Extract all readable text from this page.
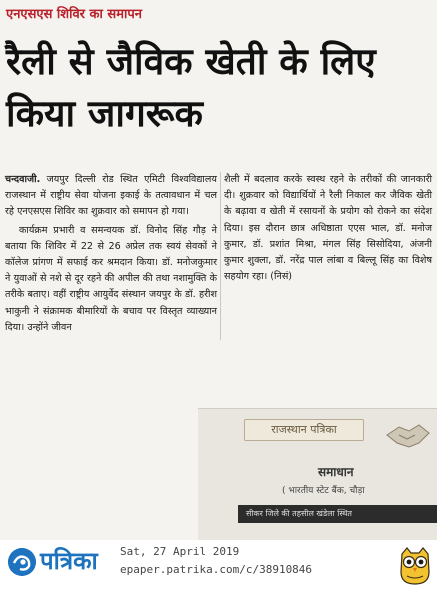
एनएसएस शिविर का समापन
रैली से जैविक खेती के लिए किया जागरूक

चन्दवाजी. जयपुर दिल्ली रोड स्थित एमिटी विश्वविद्यालय राजस्थान में राष्ट्रीय सेवा योजना इकाई के तत्वावधान में चल रहे एनएसएस शिविर का शुक्रवार को समापन हो गया।

कार्यक्रम प्रभारी व समन्वयक डॉ. विनोद सिंह गौड़ ने बताया कि शिविर में 22 से 26 अप्रेल तक स्वयं सेवकों ने कॉलेज प्रांगण में सफाई कर श्रमदान किया। डॉ. मनोजकुमार ने युवाओं से नशे से दूर रहने की अपील की तथा नशामुक्ति के तरीके बताए। वहीं राष्ट्रीय आयुर्वेद संस्थान जयपुर के डॉ. हरीश भाकुनी ने संक्रामक बीमारियों के बचाव पर विस्तृत व्याख्यान दिया। उन्होंने जीवन

शैली में बदलाव करके स्वस्थ रहने के तरीकों की जानकारी दी। शुक्रवार को विद्यार्थियों ने रैली निकाल कर जैविक खेती के बढ़ावा व खेती में रसायनों के प्रयोग को रोकने का संदेश दिया। इस दौरान छात्र अधिष्ठाता एएस भाल, डॉ. मनोज कुमार, डॉ. प्रशांत मिश्रा, मंगल सिंह सिसोदिया, अंजनी कुमार शुक्ला, डॉ. नरेंद्र पाल लांबा व बिल्लू सिंह का विशेष सहयोग रहा। (निसं)

राजस्थान पत्रिका
समाधान
( भारतीय स्टेट बैंक, चौड़ा
सीकर जिले की तहसील खंडेला स्थित
पत्रिका Sat, 27 April 2019
epaper.patrika.com/c/38910846
